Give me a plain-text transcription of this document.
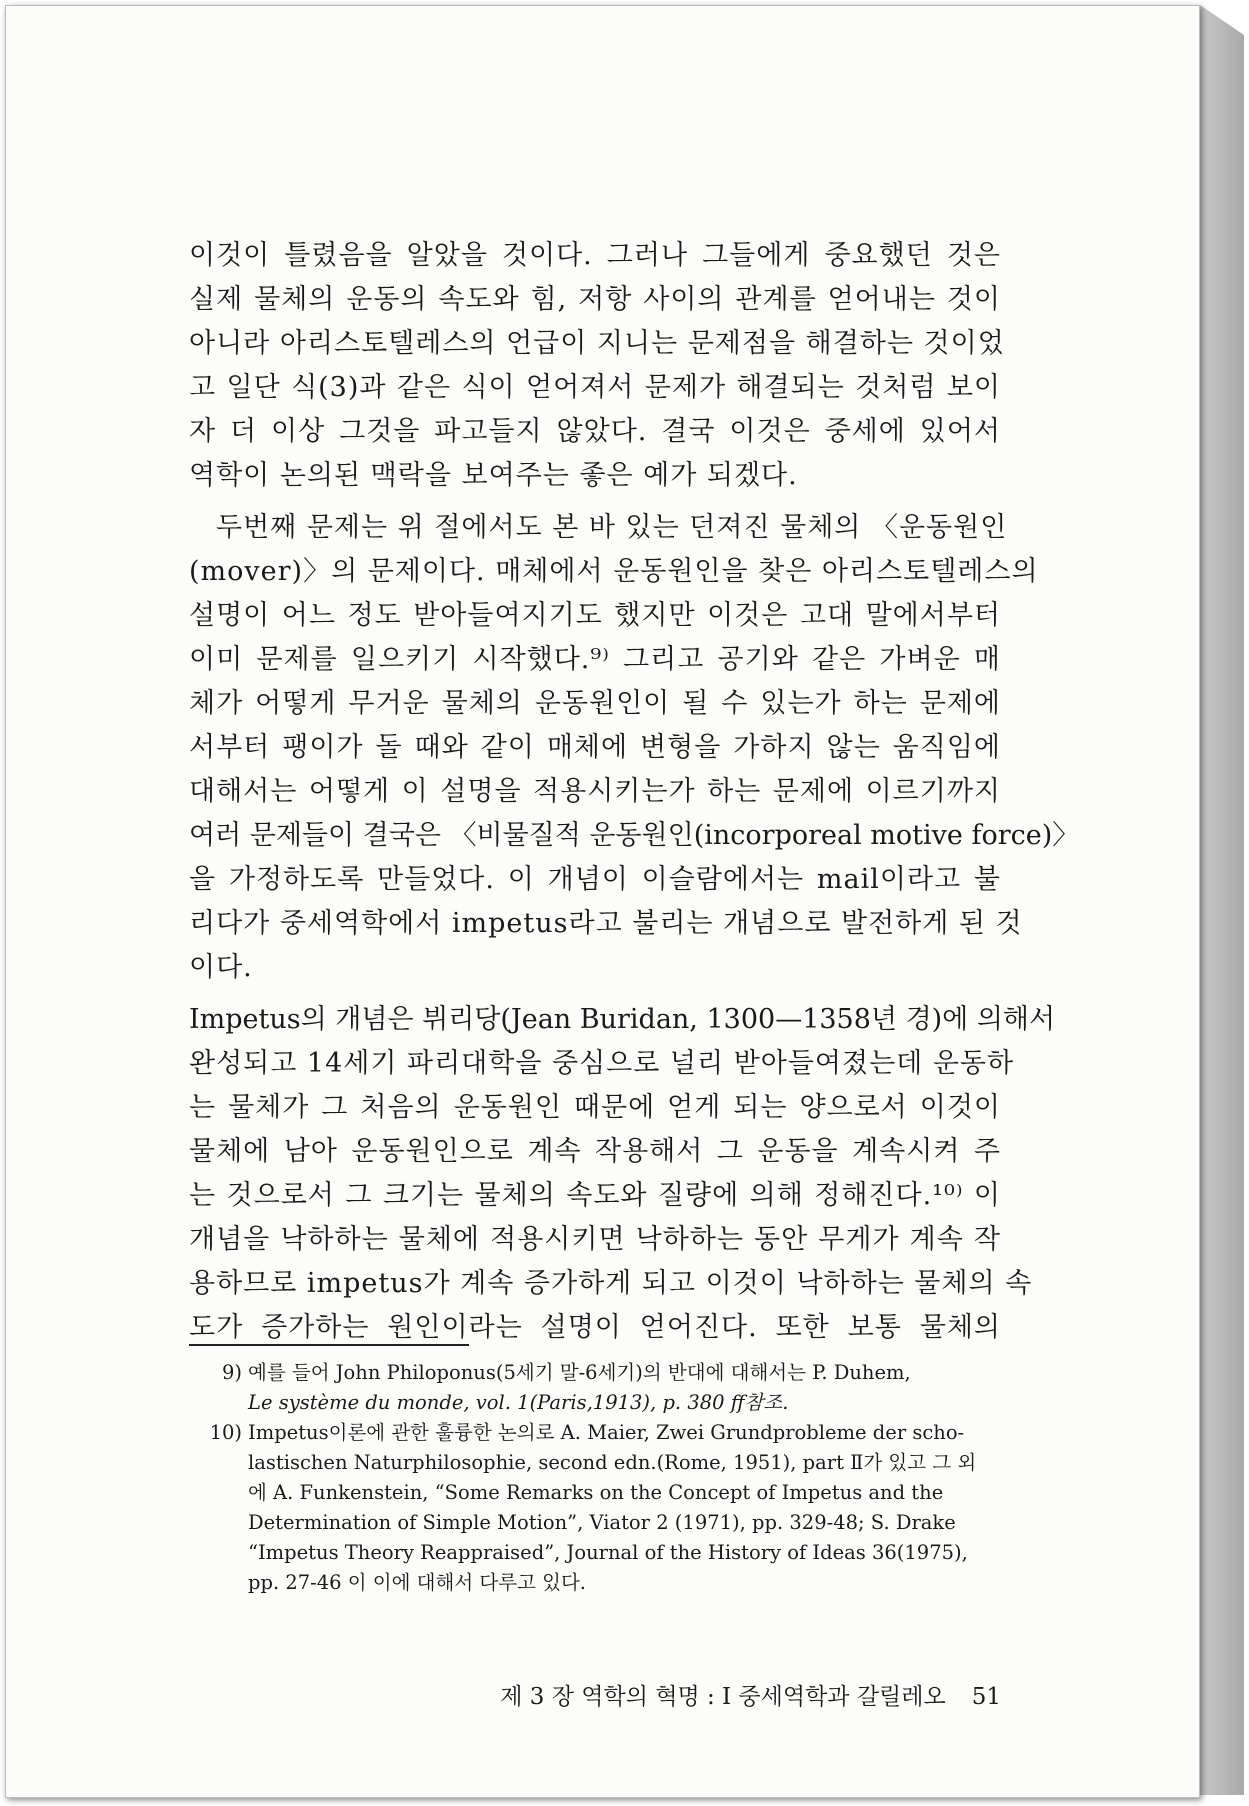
이것이 틀렸음을 알았을 것이다. 그러나 그들에게 중요했던 것은
실제 물체의 운동의 속도와 힘, 저항 사이의 관계를 얻어내는 것이
아니라 아리스토텔레스의 언급이 지니는 문제점을 해결하는 것이었
고 일단 식(3)과 같은 식이 얻어져서 문제가 해결되는 것처럼 보이
자 더 이상 그것을 파고들지 않았다. 결국 이것은 중세에 있어서
역학이 논의된 맥락을 보여주는 좋은 예가 되겠다.
두번째 문제는 위 절에서도 본 바 있는 던져진 물체의 〈운동원인
(mover)〉의 문제이다. 매체에서 운동원인을 찾은 아리스토텔레스의
설명이 어느 정도 받아들여지기도 했지만 이것은 고대 말에서부터
이미 문제를 일으키기 시작했다.⁹⁾ 그리고 공기와 같은 가벼운 매
체가 어떻게 무거운 물체의 운동원인이 될 수 있는가 하는 문제에
서부터 팽이가 돌 때와 같이 매체에 변형을 가하지 않는 움직임에
대해서는 어떻게 이 설명을 적용시키는가 하는 문제에 이르기까지
여러 문제들이 결국은 〈비물질적 운동원인(incorporeal motive force)〉
을 가정하도록 만들었다. 이 개념이 이슬람에서는 mail이라고 불
리다가 중세역학에서 impetus라고 불리는 개념으로 발전하게 된 것
이다.
Impetus의 개념은 뷔리당(Jean Buridan, 1300—1358년 경)에 의해서
완성되고 14세기 파리대학을 중심으로 널리 받아들여졌는데 운동하
는 물체가 그 처음의 운동원인 때문에 얻게 되는 양으로서 이것이
물체에 남아 운동원인으로 계속 작용해서 그 운동을 계속시켜 주
는 것으로서 그 크기는 물체의 속도와 질량에 의해 정해진다.¹⁰⁾ 이
개념을 낙하하는 물체에 적용시키면 낙하하는 동안 무게가 계속 작
용하므로 impetus가 계속 증가하게 되고 이것이 낙하하는 물체의 속
도가 증가하는 원인이라는 설명이 얻어진다. 또한 보통 물체의
9) 예를 들어 John Philoponus(5세기 말-6세기)의 반대에 대해서는 P. Duhem,
Le système du monde, vol. 1(Paris,1913), p. 380 ff참조.
10) Impetus이론에 관한 훌륭한 논의로 A. Maier, Zwei Grundprobleme der scho-
lastischen Naturphilosophie, second edn.(Rome, 1951), part Ⅱ가 있고 그 외
에 A. Funkenstein, “Some Remarks on the Concept of Impetus and the
Determination of Simple Motion”, Viator 2 (1971), pp. 329-48; S. Drake
“Impetus Theory Reappraised”, Journal of the History of Ideas 36(1975),
pp. 27-46 이 이에 대해서 다루고 있다.
제 3 장 역학의 혁명 : I 중세역학과 갈릴레오 51
